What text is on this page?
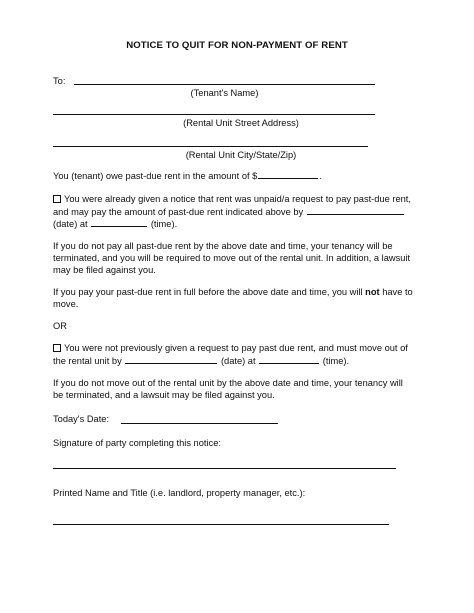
NOTICE TO QUIT FOR NON-PAYMENT OF RENT
To:
(Tenant's Name)
(Rental Unit Street Address)
(Rental Unit City/State/Zip)
You (tenant) owe past-due rent in the amount of $	.
You were already given a notice that rent was unpaid/a request to pay past-due rent,
and may pay the amount of past-due rent indicated above by
(date) at	(time).
If you do not pay all past-due rent by the above date and time, your tenancy will be
terminated, and you will be required to move out of the rental unit. In addition, a lawsuit
may be filed against you.
If you pay your past-due rent in full before the above date and time, you will not have to
move.
OR
You were not previously given a request to pay past due rent, and must move out of
the rental unit by	(date) at	(time).
If you do not move out of the rental unit by the above date and time, your tenancy will
be terminated, and a lawsuit may be filed against you.
Today's Date:
Signature of party completing this notice:
Printed Name and Title (i.e. landlord, property manager, etc.):
